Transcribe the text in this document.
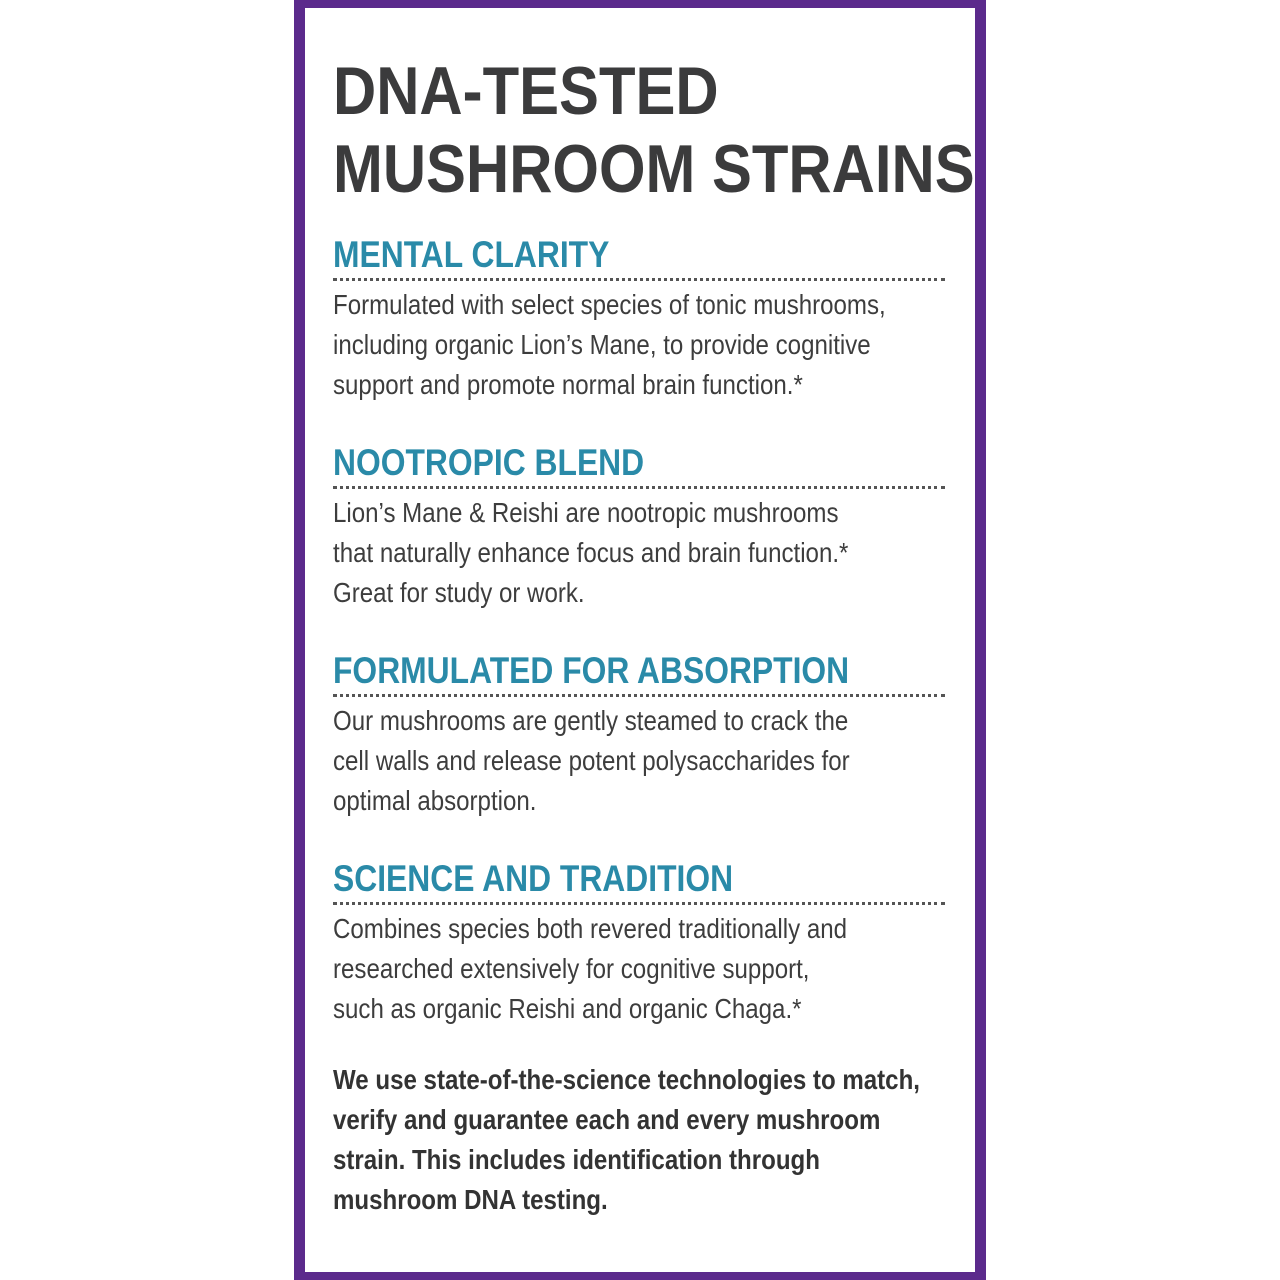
DNA-TESTED
MUSHROOM STRAINS
MENTAL CLARITY

Formulated with select species of tonic mushrooms,
including organic Lion’s Mane, to provide cognitive
support and promote normal brain function.*

NOOTROPIC BLEND

Lion’s Mane & Reishi are nootropic mushrooms
that naturally enhance focus and brain function.*
Great for study or work.

FORMULATED FOR ABSORPTION

Our mushrooms are gently steamed to crack the
cell walls and release potent polysaccharides for
optimal absorption.

SCIENCE AND TRADITION

Combines species both revered traditionally and
researched extensively for cognitive support,
such as organic Reishi and organic Chaga.*

We use state-of-the-science technologies to match,
verify and guarantee each and every mushroom
strain. This includes identification through
mushroom DNA testing.
